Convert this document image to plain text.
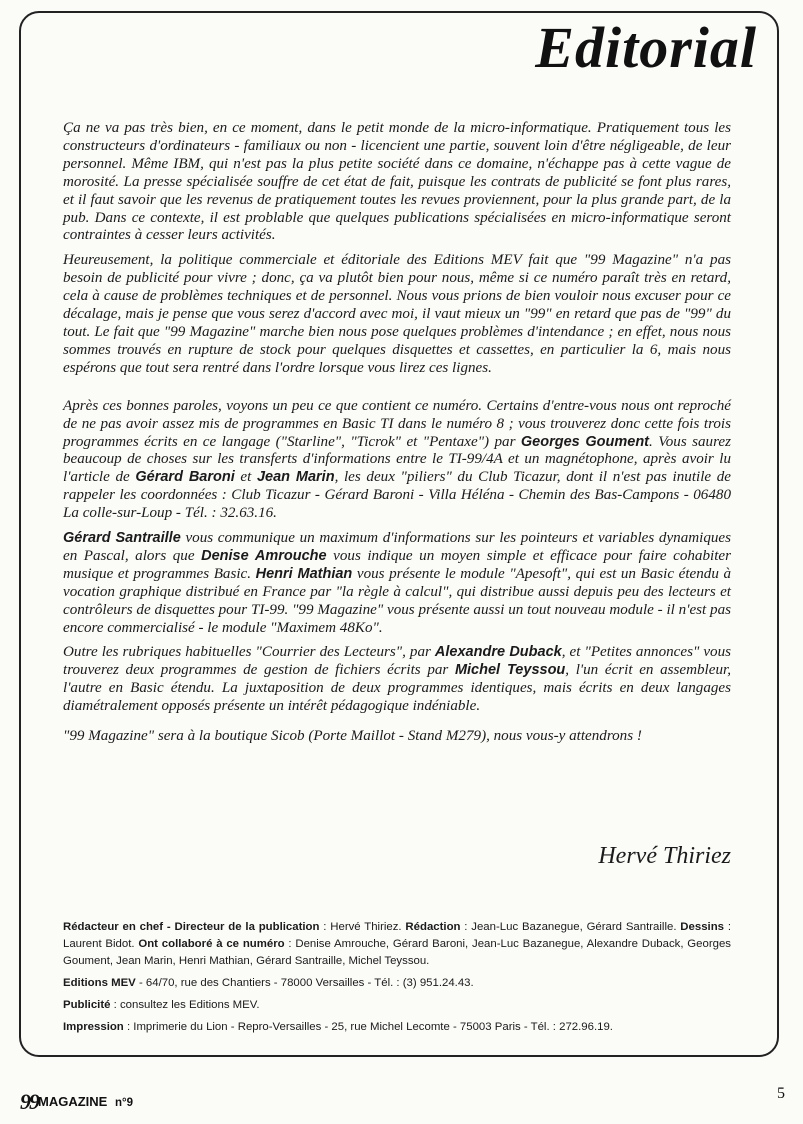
Editorial

Ça ne va pas très bien, en ce moment, dans le petit monde de la micro-informatique. Pratiquement tous les constructeurs d'ordinateurs - familiaux ou non - licencient une partie, souvent loin d'être négligeable, de leur personnel. Même IBM, qui n'est pas la plus petite société dans ce domaine, n'échappe pas à cette vague de morosité. La presse spécialisée souffre de cet état de fait, puisque les contrats de publicité se font plus rares, et il faut savoir que les revenus de pratiquement toutes les revues proviennent, pour la plus grande part, de la pub. Dans ce contexte, il est problable que quelques publications spécialisées en micro-informatique seront contraintes à cesser leurs activités.

Heureusement, la politique commerciale et éditoriale des Editions MEV fait que "99 Magazine" n'a pas besoin de publicité pour vivre ; donc, ça va plutôt bien pour nous, même si ce numéro paraît très en retard, cela à cause de problèmes techniques et de personnel. Nous vous prions de bien vouloir nous excuser pour ce décalage, mais je pense que vous serez d'accord avec moi, il vaut mieux un "99" en retard que pas de "99" du tout. Le fait que "99 Magazine" marche bien nous pose quelques problèmes d'intendance ; en effet, nous nous sommes trouvés en rupture de stock pour quelques disquettes et cassettes, en particulier la 6, mais nous espérons que tout sera rentré dans l'ordre lorsque vous lirez ces lignes.

Après ces bonnes paroles, voyons un peu ce que contient ce numéro. Certains d'entre-vous nous ont reproché de ne pas avoir assez mis de programmes en Basic TI dans le numéro 8 ; vous trouverez donc cette fois trois programmes écrits en ce langage ("Starline", "Ticrok" et "Pentaxe") par Georges Goument. Vous saurez beaucoup de choses sur les transferts d'informations entre le TI-99/4A et un magnétophone, après avoir lu l'article de Gérard Baroni et Jean Marin, les deux "piliers" du Club Ticazur, dont il n'est pas inutile de rappeler les coordonnées : Club Ticazur - Gérard Baroni - Villa Héléna - Chemin des Bas-Campons - 06480 La colle-sur-Loup - Tél. : 32.63.16.

Gérard Santraille vous communique un maximum d'informations sur les pointeurs et variables dynamiques en Pascal, alors que Denise Amrouche vous indique un moyen simple et efficace pour faire cohabiter musique et programmes Basic. Henri Mathian vous présente le module "Apesoft", qui est un Basic étendu à vocation graphique distribué en France par "la règle à calcul", qui distribue aussi depuis peu des lecteurs et contrôleurs de disquettes pour TI-99. "99 Magazine" vous présente aussi un tout nouveau module - il n'est pas encore commercialisé - le module "Maximem 48Ko".

Outre les rubriques habituelles "Courrier des Lecteurs", par Alexandre Duback, et "Petites annonces" vous trouverez deux programmes de gestion de fichiers écrits par Michel Teyssou, l'un écrit en assembleur, l'autre en Basic étendu. La juxtaposition de deux programmes identiques, mais écrits en deux langages diamétralement opposés présente un intérêt pédagogique indéniable.

"99 Magazine" sera à la boutique Sicob (Porte Maillot - Stand M279), nous vous-y attendrons !

Hervé Thiriez

Rédacteur en chef - Directeur de la publication : Hervé Thiriez. Rédaction : Jean-Luc Bazanegue, Gérard Santraille. Dessins : Laurent Bidot. Ont collaboré à ce numéro : Denise Amrouche, Gérard Baroni, Jean-Luc Bazanegue, Alexandre Duback, Georges Goument, Jean Marin, Henri Mathian, Gérard Santraille, Michel Teyssou.

Editions MEV - 64/70, rue des Chantiers - 78000 Versailles - Tél. : (3) 951.24.43.

Publicité : consultez les Editions MEV.

Impression : Imprimerie du Lion - Repro-Versailles - 25, rue Michel Lecomte - 75003 Paris - Tél. : 272.96.19.

99MAGAZINE n°9
5
